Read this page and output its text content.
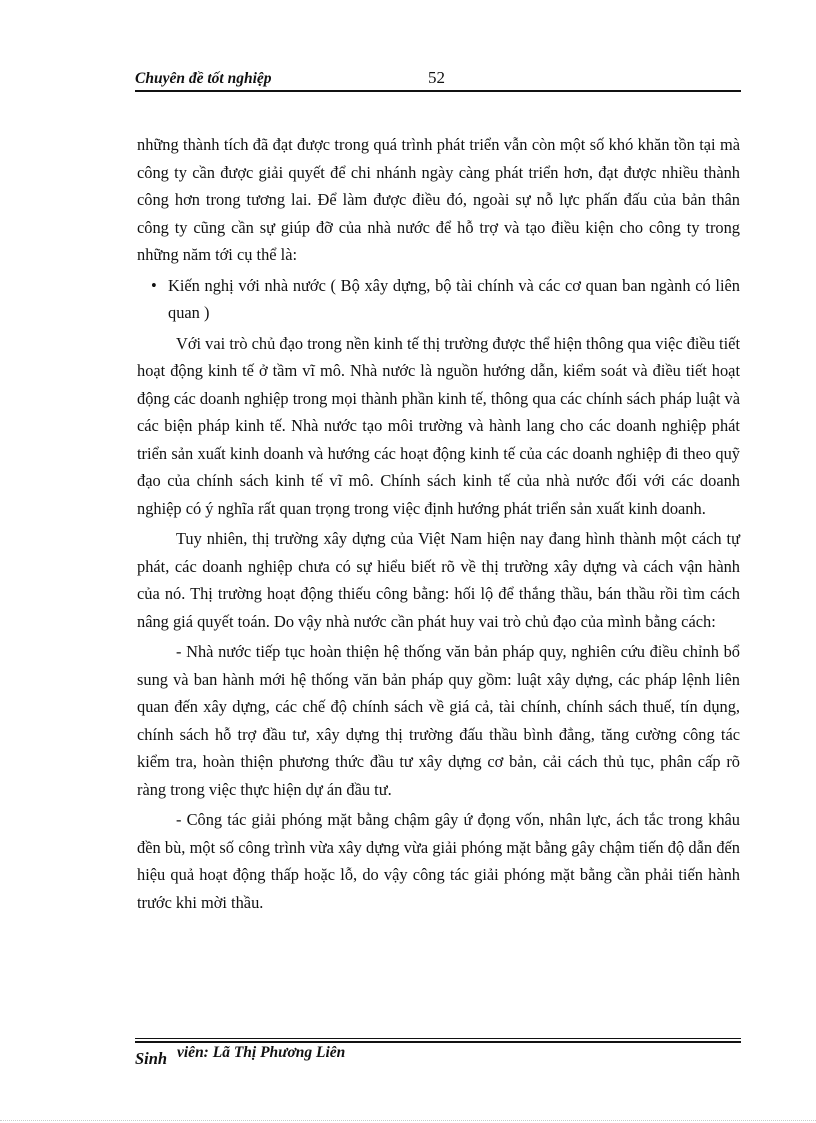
Chuyên đề tốt nghiệp	52

những thành tích đã đạt được trong quá trình phát triển vẫn còn một số khó khăn tồn tại mà công ty cần được giải quyết để chi nhánh ngày càng phát triển hơn, đạt được nhiều thành công hơn trong tương lai. Để làm được điều đó, ngoài sự nỗ lực phấn đấu của bản thân công ty cũng cần sự giúp đỡ của nhà nước để hỗ trợ và tạo điều kiện cho công ty trong những năm tới cụ thể là:

• Kiến nghị với nhà nước ( Bộ xây dựng, bộ tài chính và các cơ quan ban ngành có liên quan )

Với vai trò chủ đạo trong nền kinh tế thị trường được thể hiện thông qua việc điều tiết hoạt động kinh tế ở tầm vĩ mô. Nhà nước là nguồn hướng dẫn, kiểm soát và điều tiết hoạt động các doanh nghiệp trong mọi thành phần kinh tế, thông qua các chính sách pháp luật và các biện pháp kinh tế. Nhà nước tạo môi trường và hành lang cho các doanh nghiệp phát triển sản xuất kinh doanh và hướng các hoạt động kinh tế của các doanh nghiệp đi theo quỹ đạo của chính sách kinh tế vĩ mô. Chính sách kinh tế của nhà nước đối với các doanh nghiệp có ý nghĩa rất quan trọng trong việc định hướng phát triển sản xuất kinh doanh.

Tuy nhiên, thị trường xây dựng của Việt Nam hiện nay đang hình thành một cách tự phát, các doanh nghiệp chưa có sự hiểu biết rõ về thị trường xây dựng và cách vận hành của nó. Thị trường hoạt động thiếu công bằng: hối lộ để thắng thầu, bán thầu rồi tìm cách nâng giá quyết toán. Do vậy nhà nước cần phát huy vai trò chủ đạo của mình bằng cách:

- Nhà nước tiếp tục hoàn thiện hệ thống văn bản pháp quy, nghiên cứu điều chỉnh bổ sung và ban hành mới hệ thống văn bản pháp quy gồm: luật xây dựng, các pháp lệnh liên quan đến xây dựng, các chế độ chính sách về giá cả, tài chính, chính sách thuế, tín dụng, chính sách hỗ trợ đầu tư, xây dựng thị trường đấu thầu bình đẳng, tăng cường công tác kiểm tra, hoàn thiện phương thức đầu tư xây dựng cơ bản, cải cách thủ tục, phân cấp rõ ràng trong việc thực hiện dự án đầu tư.

- Công tác giải phóng mặt bằng chậm gây ứ đọng vốn, nhân lực, ách tắc trong khâu đền bù, một số công trình vừa xây dựng vừa giải phóng mặt bằng gây chậm tiến độ dẫn đến hiệu quả hoạt động thấp hoặc lỗ, do vậy công tác giải phóng mặt bằng cần phải tiến hành trước khi mời thầu.

Sinh viên: Lã Thị Phương Liên
